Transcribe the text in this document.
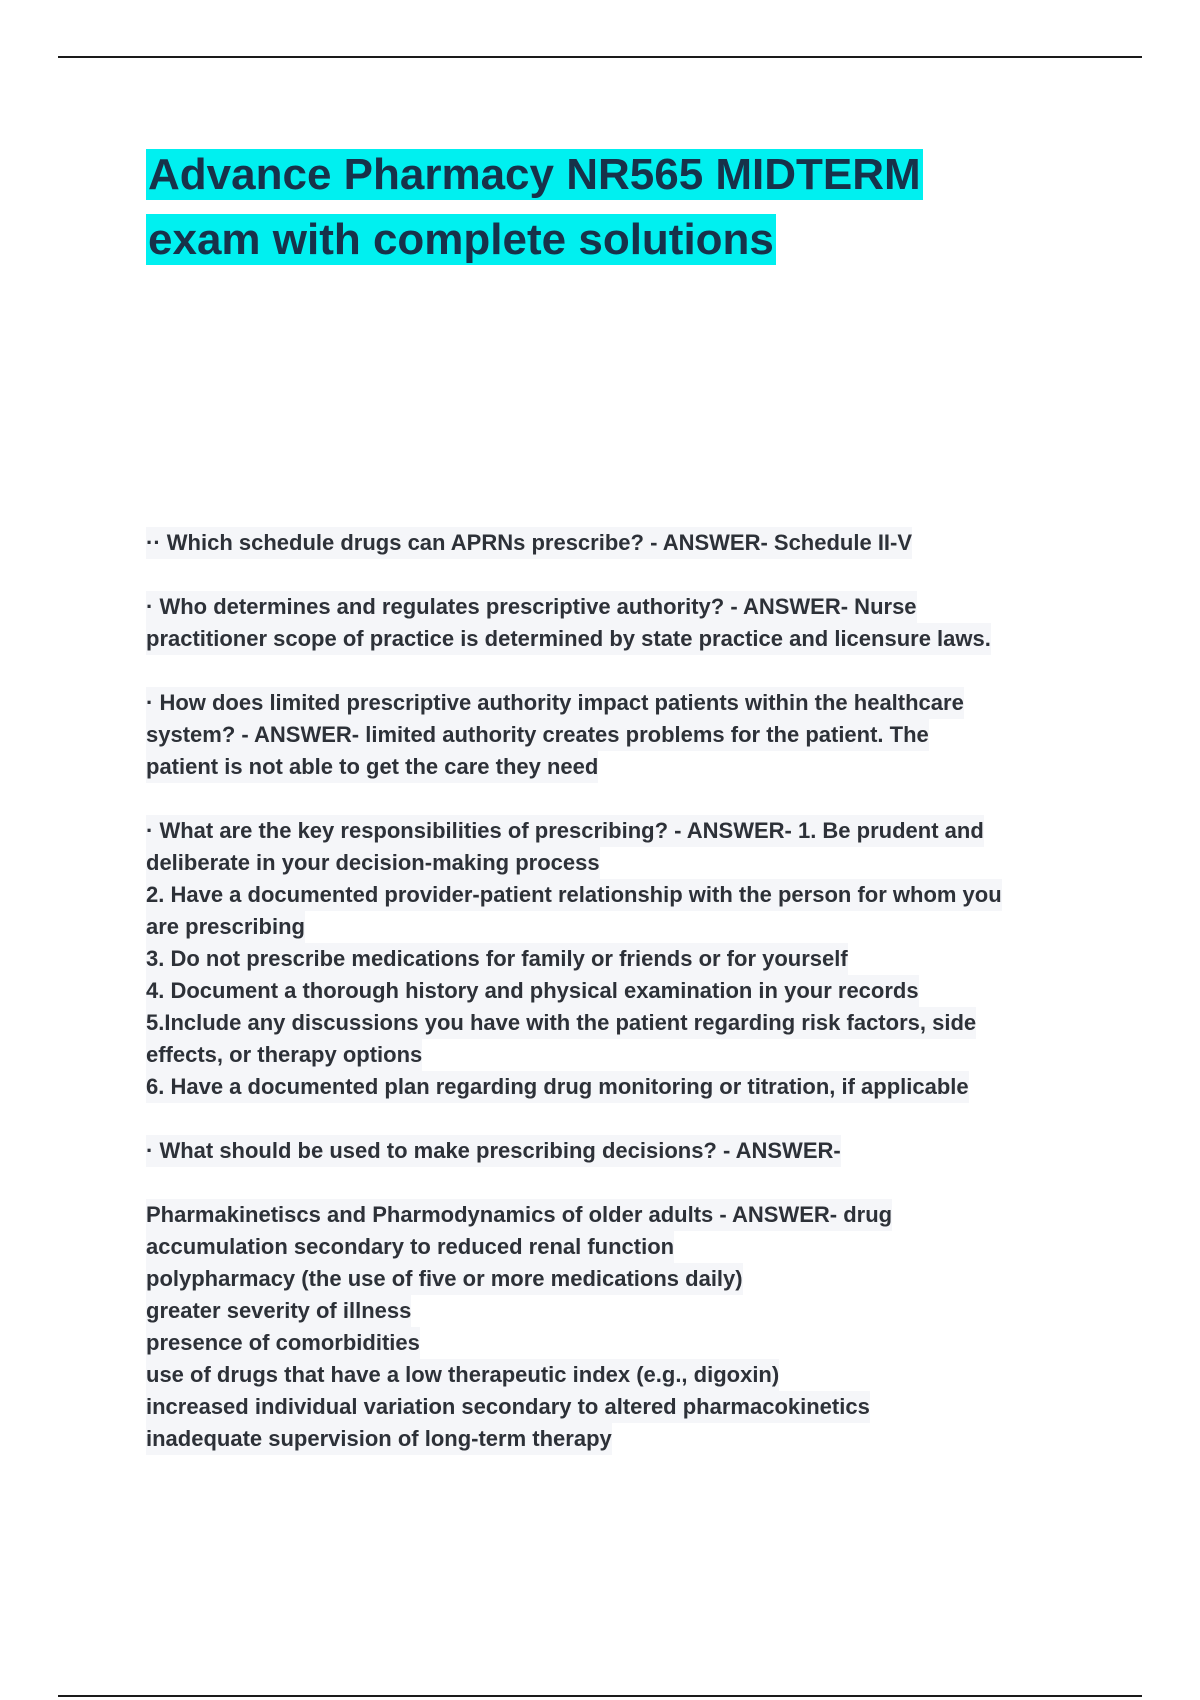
Advance Pharmacy NR565 MIDTERM
exam with complete solutions
·· Which schedule drugs can APRNs prescribe? - ANSWER- Schedule II-V
· Who determines and regulates prescriptive authority? - ANSWER- Nurse
practitioner scope of practice is determined by state practice and licensure laws.
· How does limited prescriptive authority impact patients within the healthcare
system? - ANSWER- limited authority creates problems for the patient. The
patient is not able to get the care they need
· What are the key responsibilities of prescribing? - ANSWER- 1. Be prudent and
deliberate in your decision-making process
2. Have a documented provider-patient relationship with the person for whom you
are prescribing
3. Do not prescribe medications for family or friends or for yourself
4. Document a thorough history and physical examination in your records
5.Include any discussions you have with the patient regarding risk factors, side
effects, or therapy options
6. Have a documented plan regarding drug monitoring or titration, if applicable
· What should be used to make prescribing decisions? - ANSWER-
Pharmakinetiscs and Pharmodynamics of older adults - ANSWER- drug
accumulation secondary to reduced renal function
polypharmacy (the use of five or more medications daily)
greater severity of illness
presence of comorbidities
use of drugs that have a low therapeutic index (e.g., digoxin)
increased individual variation secondary to altered pharmacokinetics
inadequate supervision of long-term therapy
